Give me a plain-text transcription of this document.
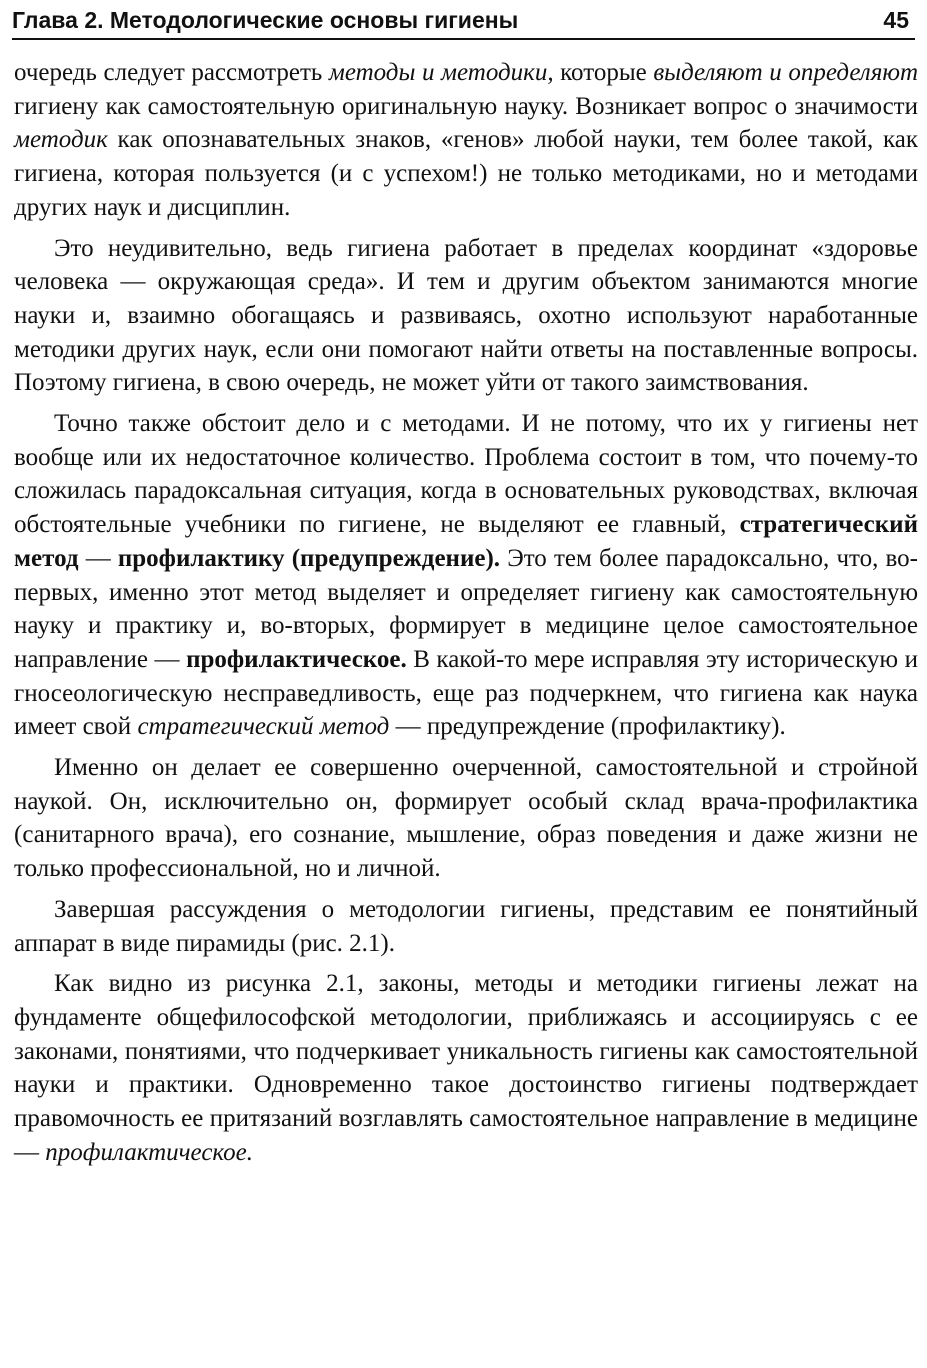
Глава 2. Методологические основы гигиены	45

очередь следует рассмотреть методы и методики, которые выделяют и определяют гигиену как самостоятельную оригинальную науку. Возникает вопрос о значимости методик как опознавательных знаков, «генов» любой науки, тем более такой, как гигиена, которая пользуется (и с успехом!) не только методиками, но и методами других наук и дисциплин.

Это неудивительно, ведь гигиена работает в пределах координат «здоровье человека — окружающая среда». И тем и другим объектом занимаются многие науки и, взаимно обогащаясь и развиваясь, охотно используют наработанные методики других наук, если они помогают найти ответы на поставленные вопросы. Поэтому гигиена, в свою очередь, не может уйти от такого заимствования.

Точно также обстоит дело и с методами. И не потому, что их у гигиены нет вообще или их недостаточное количество. Проблема состоит в том, что почему-то сложилась парадоксальная ситуация, когда в основательных руководствах, включая обстоятельные учебники по гигиене, не выделяют ее главный, стратегический метод — профилактику (предупреждение). Это тем более парадоксально, что, во-первых, именно этот метод выделяет и определяет гигиену как самостоятельную науку и практику и, во-вторых, формирует в медицине целое самостоятельное направление — профилактическое. В какой-то мере исправляя эту историческую и гносеологическую несправедливость, еще раз подчеркнем, что гигиена как наука имеет свой стратегический метод — предупреждение (профилактику).

Именно он делает ее совершенно очерченной, самостоятельной и стройной наукой. Он, исключительно он, формирует особый склад врача-профилактика (санитарного врача), его сознание, мышление, образ поведения и даже жизни не только профессиональной, но и личной.

Завершая рассуждения о методологии гигиены, представим ее понятийный аппарат в виде пирамиды (рис. 2.1).

Как видно из рисунка 2.1, законы, методы и методики гигиены лежат на фундаменте общефилософской методологии, приближаясь и ассоциируясь с ее законами, понятиями, что подчеркивает уникальность гигиены как самостоятельной науки и практики. Одновременно такое достоинство гигиены подтверждает правомочность ее притязаний возглавлять самостоятельное направление в медицине — профилактическое.
